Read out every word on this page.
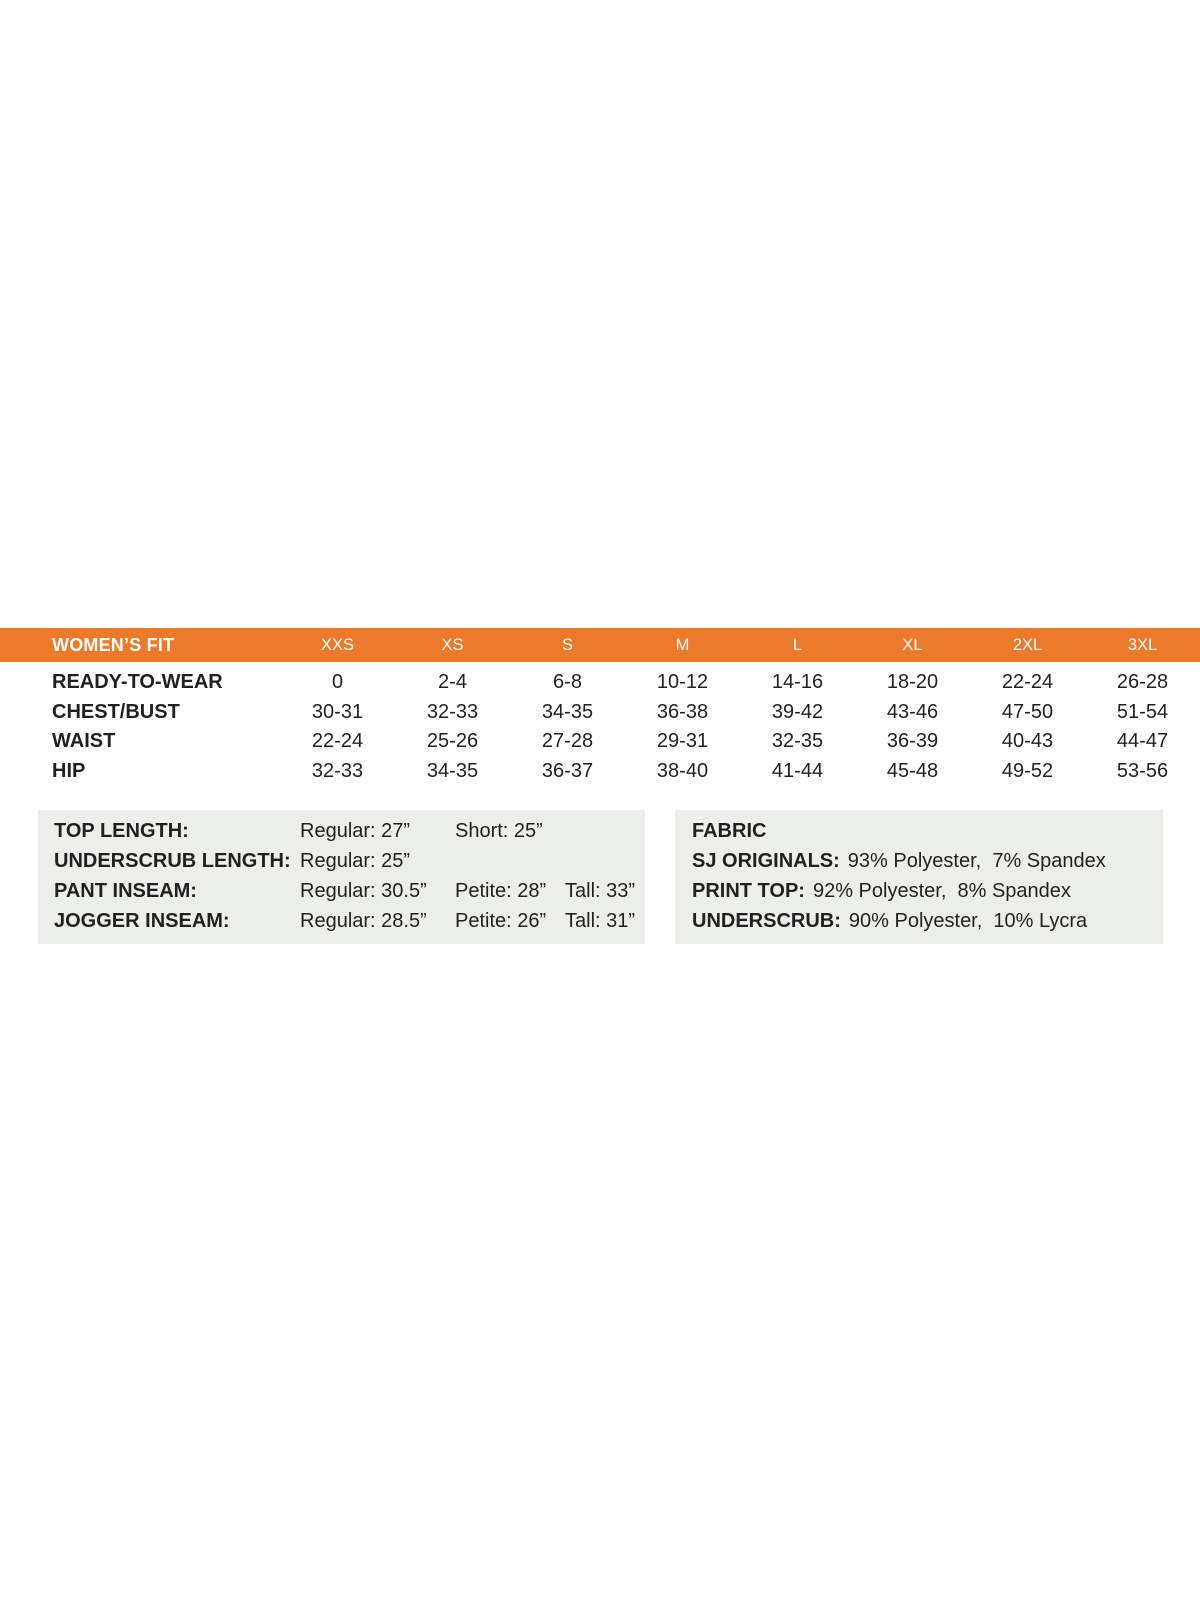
WOMEN’S FIT	XXS	XS	S	M	L	XL	2XL	3XL
READY-TO-WEAR	0	2-4	6-8	10-12	14-16	18-20	22-24	26-28
CHEST/BUST	30-31	32-33	34-35	36-38	39-42	43-46	47-50	51-54
WAIST	22-24	25-26	27-28	29-31	32-35	36-39	40-43	44-47
HIP	32-33	34-35	36-37	38-40	41-44	45-48	49-52	53-56
TOP LENGTH:	Regular: 27”	Short: 25”
UNDERSCRUB LENGTH: Regular: 25”
PANT INSEAM:	Regular: 30.5”	Petite: 28” Tall: 33”
JOGGER INSEAM:	Regular: 28.5”	Petite: 26” Tall: 31”
FABRIC
SJ ORIGINALS: 93% Polyester,  7% Spandex
PRINT TOP: 92% Polyester,  8% Spandex
UNDERSCRUB: 90% Polyester,  10% Lycra
